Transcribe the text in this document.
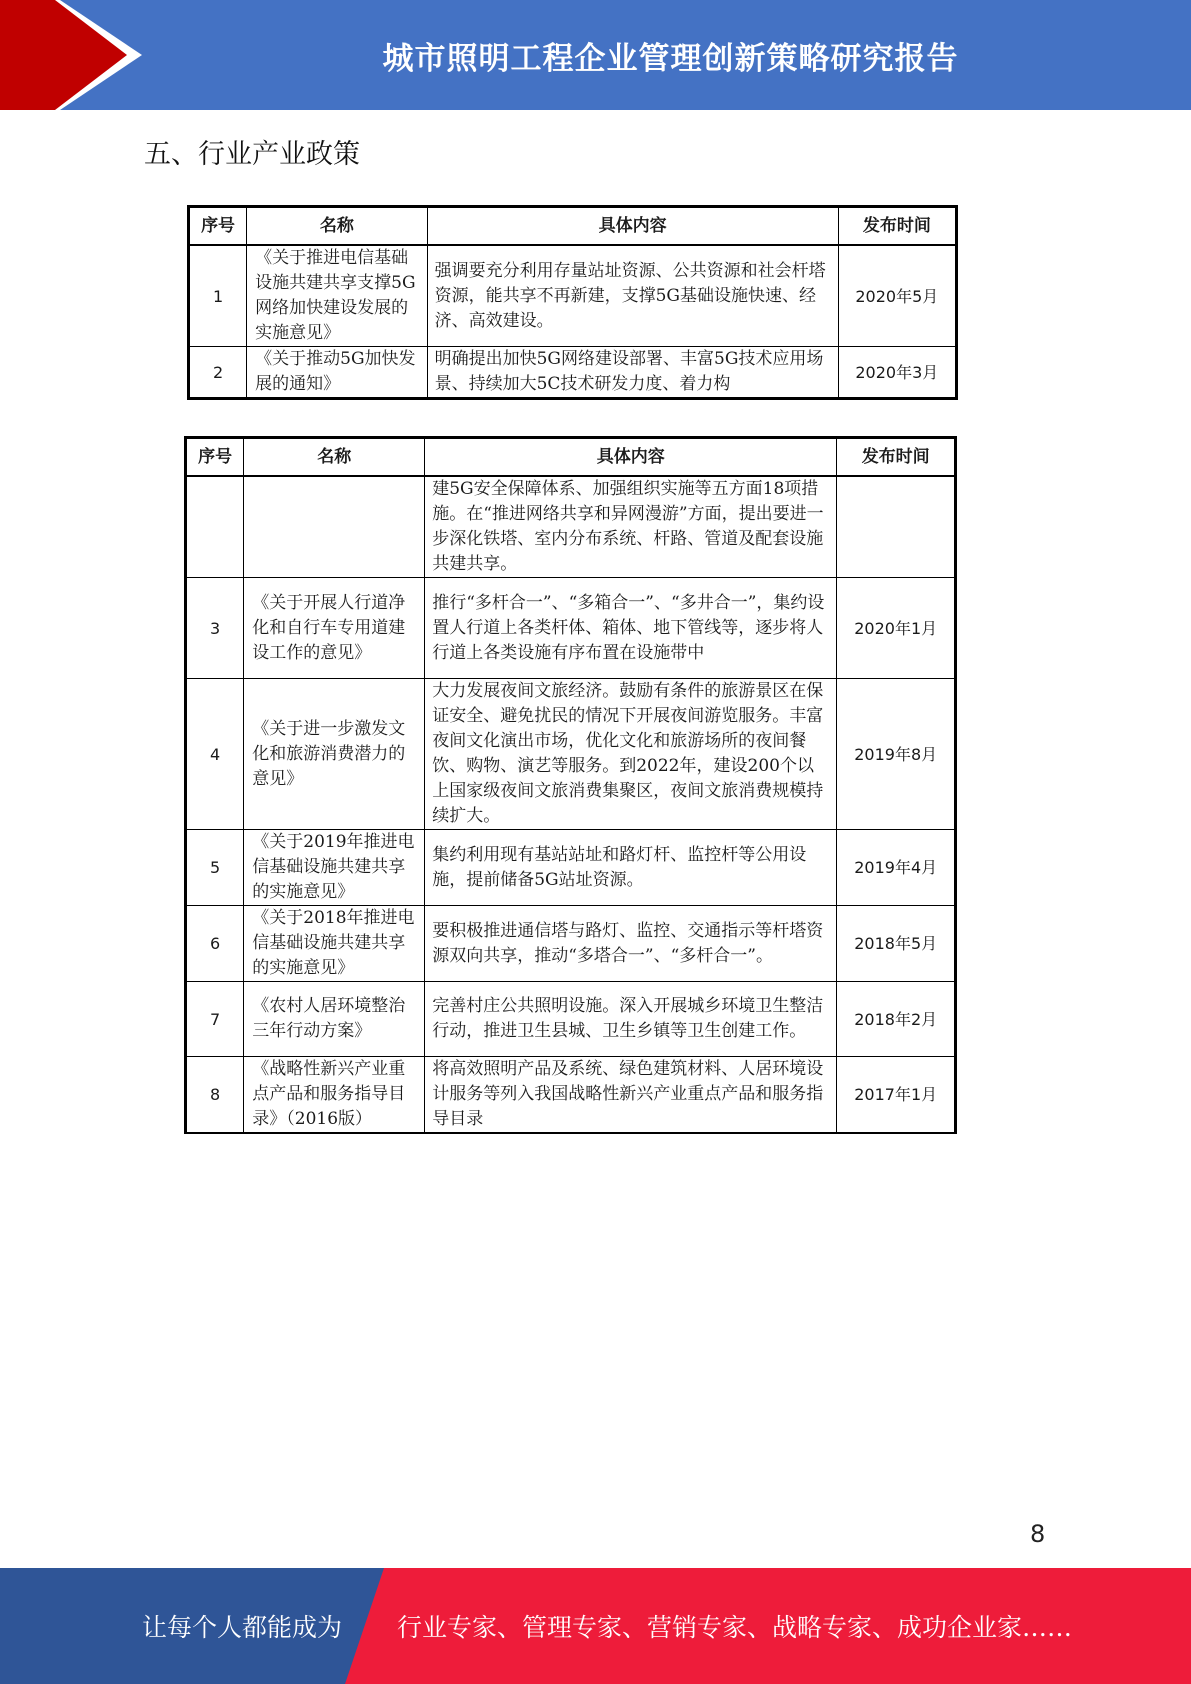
城市照明工程企业管理创新策略研究报告
五、行业产业政策
序号	名称	具体内容	发布时间
1	《关于推进电信基础设施共建共享支撑5G网络加快建设发展的实施意见》	强调要充分利用存量站址资源、公共资源和社会杆塔资源，能共享不再新建，支撑5G基础设施快速、经济、高效建设。	2020年5月
2	《关于推动5G加快发展的通知》	明确提出加快5G网络建设部署、丰富5G技术应用场景、持续加大5C技术研发力度、着力构	2020年3月
序号	名称	具体内容	发布时间
		建5G安全保障体系、加强组织实施等五方面18项措施。在“推进网络共享和异网漫游”方面，提出要进一步深化铁塔、室内分布系统、杆路、管道及配套设施共建共享。	
3	《关于开展人行道净化和自行车专用道建设工作的意见》	推行“多杆合一”、“多箱合一”、“多井合一”，集约设置人行道上各类杆体、箱体、地下管线等，逐步将人行道上各类设施有序布置在设施带中	2020年1月
4	《关于进一步激发文化和旅游消费潜力的意见》	大力发展夜间文旅经济。鼓励有条件的旅游景区在保证安全、避免扰民的情况下开展夜间游览服务。丰富夜间文化演出市场，优化文化和旅游场所的夜间餐饮、购物、演艺等服务。到2022年，建设200个以上国家级夜间文旅消费集聚区，夜间文旅消费规模持续扩大。	2019年8月
5	《关于2019年推进电信基础设施共建共享的实施意见》	集约利用现有基站站址和路灯杆、监控杆等公用设施，提前储备5G站址资源。	2019年4月
6	《关于2018年推进电信基础设施共建共享的实施意见》	要积极推进通信塔与路灯、监控、交通指示等杆塔资源双向共享，推动“多塔合一”、“多杆合一”。	2018年5月
7	《农村人居环境整治三年行动方案》	完善村庄公共照明设施。深入开展城乡环境卫生整洁行动，推进卫生县城、卫生乡镇等卫生创建工作。	2018年2月
8	《战略性新兴产业重点产品和服务指导目录》（2016版）	将高效照明产品及系统、绿色建筑材料、人居环境设计服务等列入我国战略性新兴产业重点产品和服务指导目录	2017年1月
8
让每个人都能成为 行业专家、管理专家、营销专家、战略专家、成功企业家……
